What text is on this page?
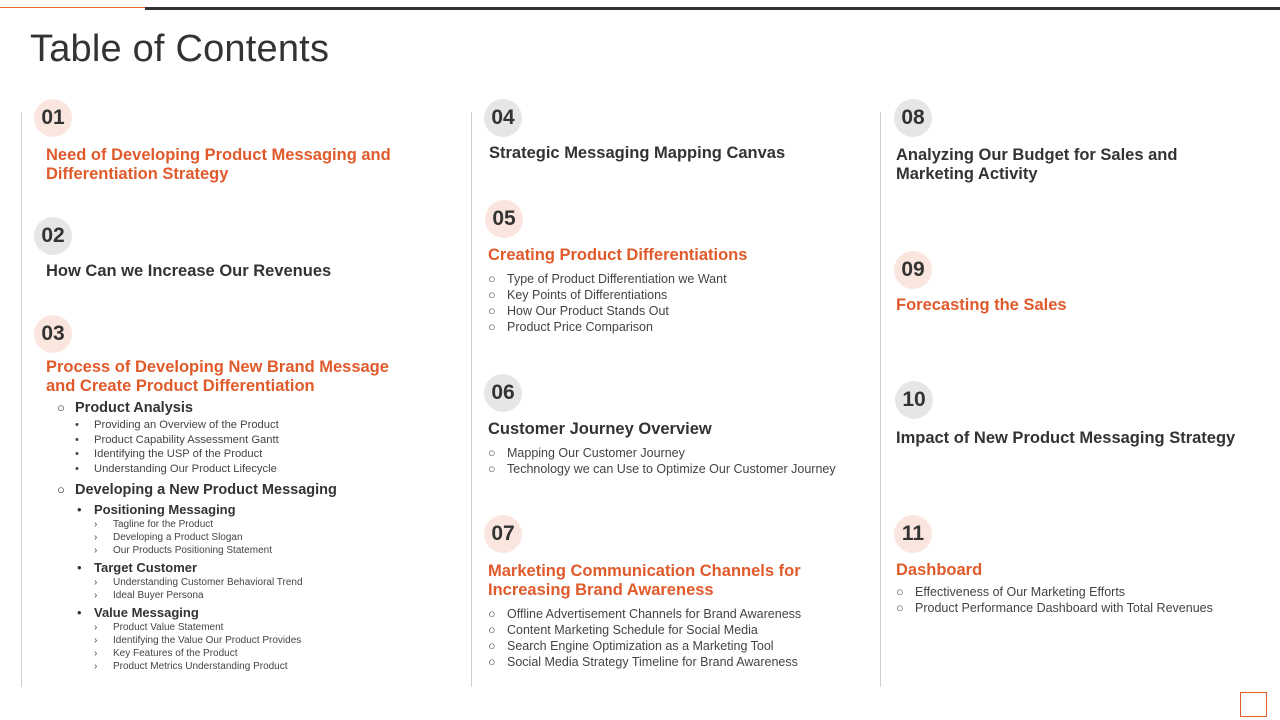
Table of Contents
01
Need of Developing Product Messaging and Differentiation Strategy
02
How Can we Increase Our Revenues
03
Process of Developing New Brand Message and Create Product Differentiation
○ Product Analysis
• Providing an Overview of the Product
• Product Capability Assessment Gantt
• Identifying the USP of the Product
• Understanding Our Product Lifecycle
○ Developing a New Product Messaging
• Positioning Messaging
› Tagline for the Product
› Developing a Product Slogan
› Our Products Positioning Statement
• Target Customer
› Understanding Customer Behavioral Trend
› Ideal Buyer Persona
• Value Messaging
› Product Value Statement
› Identifying the Value Our Product Provides
› Key Features of the Product
› Product Metrics Understanding Product
04
Strategic Messaging Mapping Canvas
05
Creating Product Differentiations
○ Type of Product Differentiation we Want
○ Key Points of Differentiations
○ How Our Product Stands Out
○ Product Price Comparison
06
Customer Journey Overview
○ Mapping Our Customer Journey
○ Technology we can Use to Optimize Our Customer Journey
07
Marketing Communication Channels for Increasing Brand Awareness
○ Offline Advertisement Channels for Brand Awareness
○ Content Marketing Schedule for Social Media
○ Search Engine Optimization as a Marketing Tool
○ Social Media Strategy Timeline for Brand Awareness
08
Analyzing Our Budget for Sales and Marketing Activity
09
Forecasting the Sales
10
Impact of New Product Messaging Strategy
11
Dashboard
○ Effectiveness of Our Marketing Efforts
○ Product Performance Dashboard with Total Revenues
